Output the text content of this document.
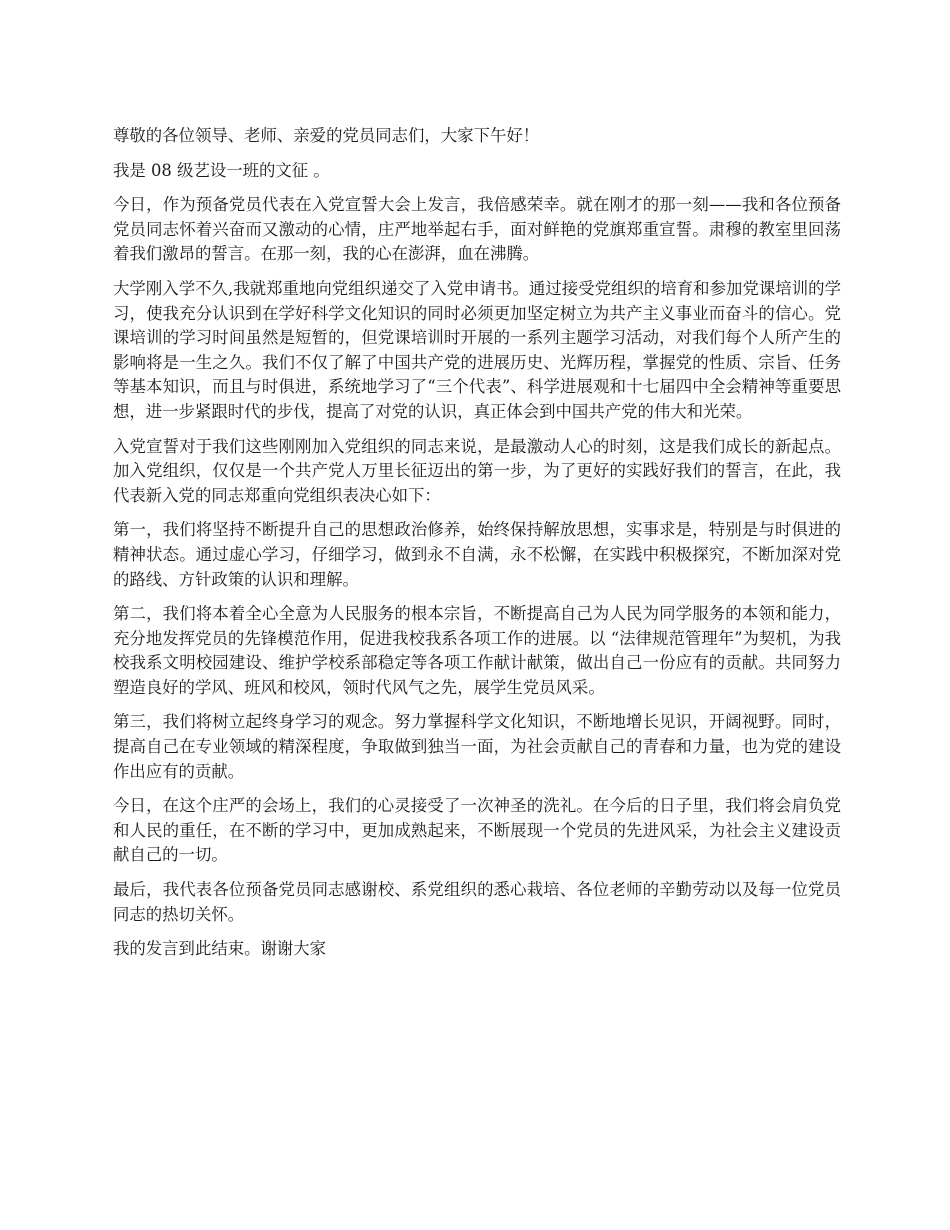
尊敬的各位领导、老师、亲爱的党员同志们，大家下午好！

我是 08 级艺设一班的文征 。

今日，作为预备党员代表在入党宣誓大会上发言，我倍感荣幸。就在刚才的那一刻——我和各位预备党员同志怀着兴奋而又激动的心情，庄严地举起右手，面对鲜艳的党旗郑重宣誓。肃穆的教室里回荡着我们激昂的誓言。在那一刻，我的心在澎湃，血在沸腾。

大学刚入学不久,我就郑重地向党组织递交了入党申请书。通过接受党组织的培育和参加党课培训的学习，使我充分认识到在学好科学文化知识的同时必须更加坚定树立为共产主义事业而奋斗的信心。党课培训的学习时间虽然是短暂的，但党课培训时开展的一系列主题学习活动，对我们每个人所产生的影响将是一生之久。我们不仅了解了中国共产党的进展历史、光辉历程，掌握党的性质、宗旨、任务等基本知识，而且与时俱进，系统地学习了“三个代表”、科学进展观和十七届四中全会精神等重要思想，进一步紧跟时代的步伐，提高了对党的认识，真正体会到中国共产党的伟大和光荣。

入党宣誓对于我们这些刚刚加入党组织的同志来说，是最激动人心的时刻，这是我们成长的新起点。加入党组织，仅仅是一个共产党人万里长征迈出的第一步，为了更好的实践好我们的誓言，在此，我代表新入党的同志郑重向党组织表决心如下：

第一，我们将坚持不断提升自己的思想政治修养，始终保持解放思想，实事求是，特别是与时俱进的精神状态。通过虚心学习，仔细学习，做到永不自满，永不松懈，在实践中积极探究，不断加深对党的路线、方针政策的认识和理解。

第二，我们将本着全心全意为人民服务的根本宗旨，不断提高自己为人民为同学服务的本领和能力，充分地发挥党员的先锋模范作用，促进我校我系各项工作的进展。以 “法律规范管理年”为契机，为我校我系文明校园建设、维护学校系部稳定等各项工作献计献策，做出自己一份应有的贡献。共同努力塑造良好的学风、班风和校风，领时代风气之先，展学生党员风采。

第三，我们将树立起终身学习的观念。努力掌握科学文化知识，不断地增长见识，开阔视野。同时，提高自己在专业领域的精深程度，争取做到独当一面，为社会贡献自己的青春和力量，也为党的建设作出应有的贡献。

今日，在这个庄严的会场上，我们的心灵接受了一次神圣的洗礼。在今后的日子里，我们将会肩负党和人民的重任，在不断的学习中，更加成熟起来，不断展现一个党员的先进风采，为社会主义建设贡献自己的一切。

最后，我代表各位预备党员同志感谢校、系党组织的悉心栽培、各位老师的辛勤劳动以及每一位党员同志的热切关怀。

我的发言到此结束。谢谢大家
